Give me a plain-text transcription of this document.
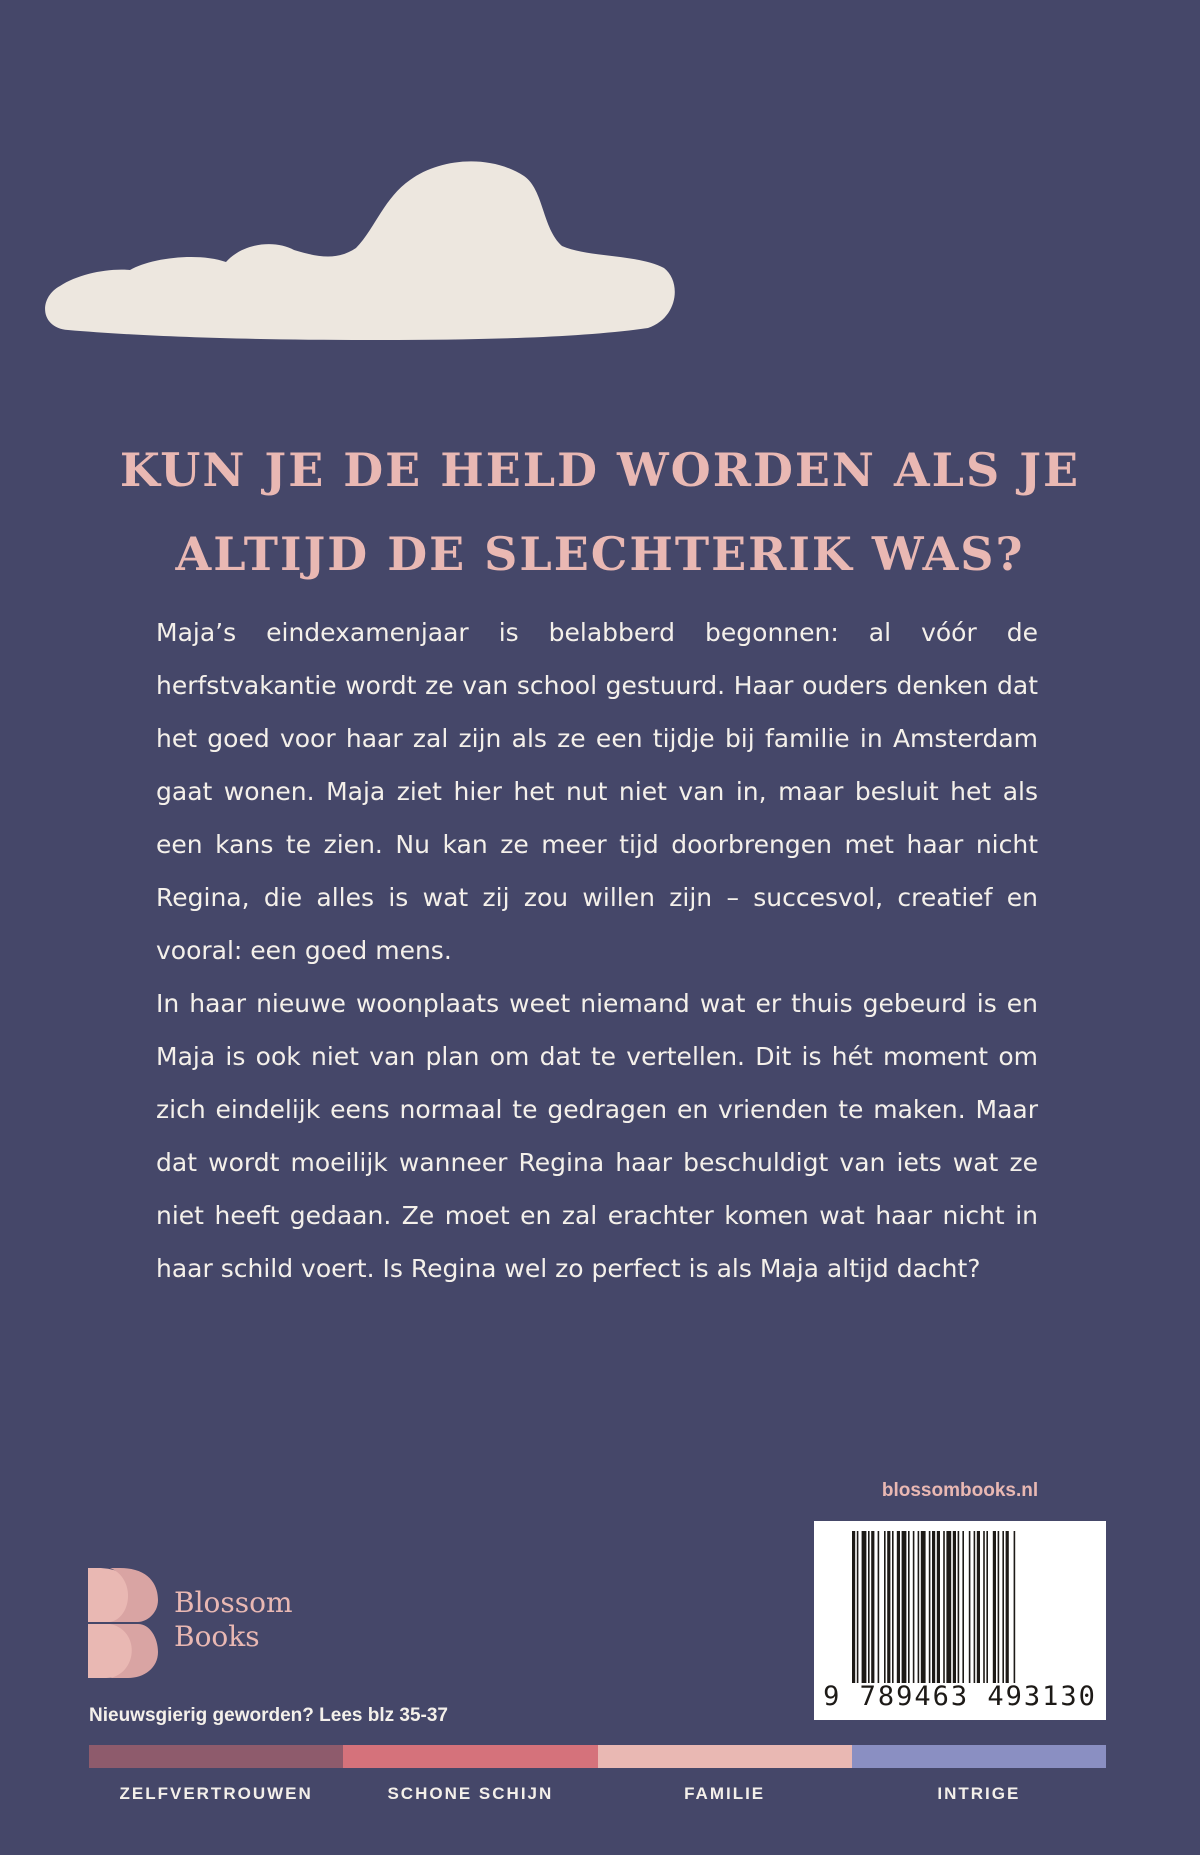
KUN JE DE HELD WORDEN ALS JE
ALTIJD DE SLECHTERIK WAS?

Maja’s eindexamenjaar is belabberd begonnen: al vóór de herfstvakantie wordt ze van school gestuurd. Haar ouders denken dat het goed voor haar zal zijn als ze een tijdje bij familie in Amsterdam gaat wonen. Maja ziet hier het nut niet van in, maar besluit het als een kans te zien. Nu kan ze meer tijd doorbrengen met haar nicht Regina, die alles is wat zij zou willen zijn – succesvol, creatief en vooral: een goed mens.

In haar nieuwe woonplaats weet niemand wat er thuis gebeurd is en Maja is ook niet van plan om dat te vertellen. Dit is hét moment om zich eindelijk eens normaal te gedragen en vrienden te maken. Maar dat wordt moeilijk wanneer Regina haar beschuldigt van iets wat ze niet heeft gedaan. Ze moet en zal erachter komen wat haar nicht in haar schild voert. Is Regina wel zo perfect is als Maja altijd dacht?

blossombooks.nl
9 789463 493130
Blossom
Books
Nieuwsgierig geworden? Lees blz 35-37
ZELFVERTROUWEN	SCHONE SCHIJN	FAMILIE	INTRIGE
